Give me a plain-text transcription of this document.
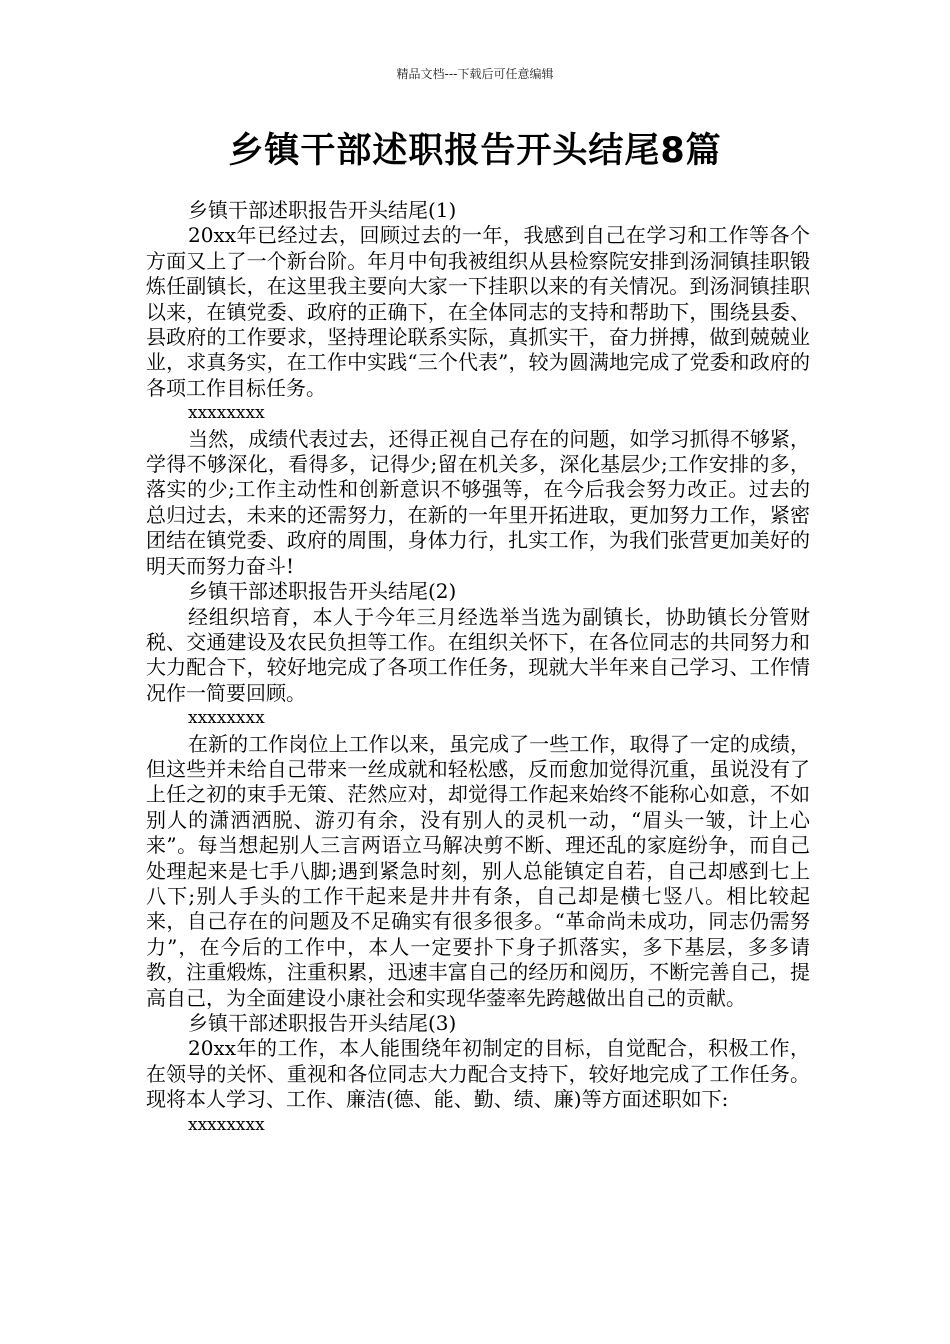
精品文档---下载后可任意编辑
乡镇干部述职报告开头结尾8篇

乡镇干部述职报告开头结尾(1)

20xx年已经过去，回顾过去的一年，我感到自己在学习和工作等各个方面又上了一个新台阶。年月中旬我被组织从县检察院安排到汤洞镇挂职锻炼任副镇长，在这里我主要向大家一下挂职以来的有关情况。到汤洞镇挂职以来，在镇党委、政府的正确下，在全体同志的支持和帮助下，围绕县委、县政府的工作要求，坚持理论联系实际，真抓实干，奋力拼搏，做到兢兢业业，求真务实，在工作中实践“三个代表”，较为圆满地完成了党委和政府的各项工作目标任务。

xxxxxxxx

当然，成绩代表过去，还得正视自己存在的问题，如学习抓得不够紧，学得不够深化，看得多，记得少;留在机关多，深化基层少;工作安排的多，落实的少;工作主动性和创新意识不够强等，在今后我会努力改正。过去的总归过去，未来的还需努力，在新的一年里开拓进取，更加努力工作，紧密团结在镇党委、政府的周围，身体力行，扎实工作，为我们张营更加美好的明天而努力奋斗!

乡镇干部述职报告开头结尾(2)

经组织培育，本人于今年三月经选举当选为副镇长，协助镇长分管财税、交通建设及农民负担等工作。在组织关怀下，在各位同志的共同努力和大力配合下，较好地完成了各项工作任务，现就大半年来自己学习、工作情况作一简要回顾。

xxxxxxxx

在新的工作岗位上工作以来，虽完成了一些工作，取得了一定的成绩，但这些并未给自己带来一丝成就和轻松感，反而愈加觉得沉重，虽说没有了上任之初的束手无策、茫然应对，却觉得工作起来始终不能称心如意，不如别人的潇洒洒脱、游刃有余，没有别人的灵机一动，“眉头一皱，计上心来”。每当想起别人三言两语立马解决剪不断、理还乱的家庭纷争，而自己处理起来是七手八脚;遇到紧急时刻，别人总能镇定自若，自己却感到七上八下;别人手头的工作干起来是井井有条，自己却是横七竖八。相比较起来，自己存在的问题及不足确实有很多很多。“革命尚未成功，同志仍需努力”，在今后的工作中，本人一定要扑下身子抓落实，多下基层，多多请教，注重煅炼，注重积累，迅速丰富自己的经历和阅历，不断完善自己，提高自己，为全面建设小康社会和实现华蓥率先跨越做出自己的贡献。

乡镇干部述职报告开头结尾(3)

20xx年的工作，本人能围绕年初制定的目标，自觉配合，积极工作，在领导的关怀、重视和各位同志大力配合支持下，较好地完成了工作任务。现将本人学习、工作、廉洁(德、能、勤、绩、廉)等方面述职如下:

xxxxxxxx
